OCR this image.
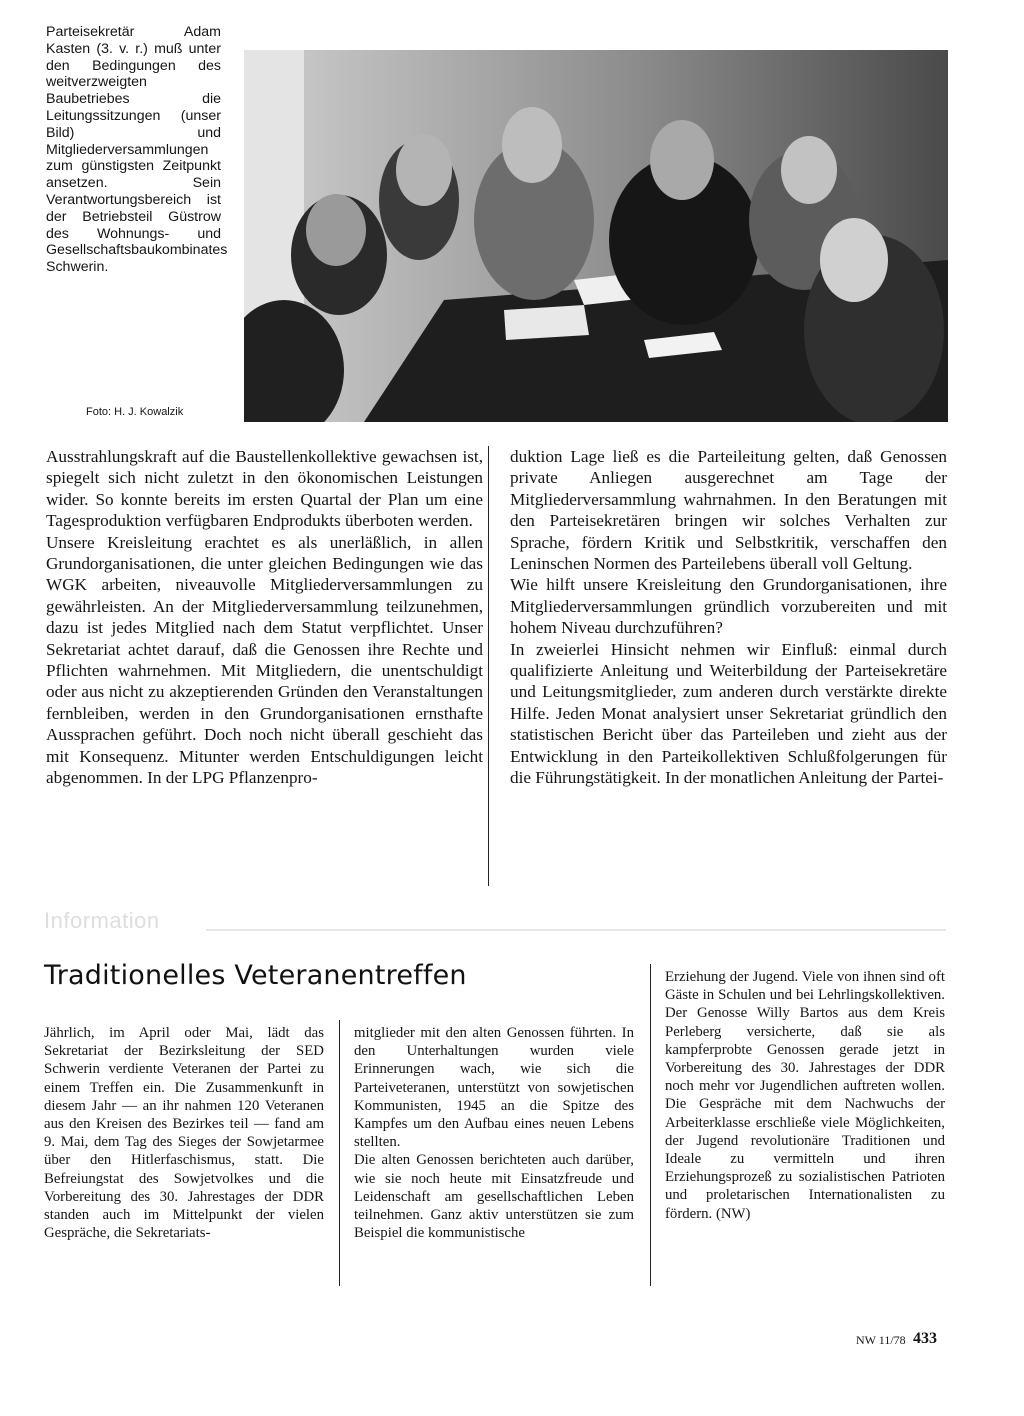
Parteisekretär Adam Kasten (3. v. r.) muß unter den Bedingungen des weitverzweigten Baubetriebes die Leitungssitzungen (unser Bild) und Mitgliederversammlungen zum günstigsten Zeitpunkt ansetzen. Sein Verantwortungsbereich ist der Betriebsteil Güstrow des Wohnungs- und Gesellschaftsbaukombinates Schwerin.
Foto: H. J. Kowalzik

Ausstrahlungskraft auf die Baustellenkollektive gewachsen ist, spiegelt sich nicht zuletzt in den ökonomischen Leistungen wider. So konnte bereits im ersten Quartal der Plan um eine Tagesproduktion verfügbaren Endprodukts überboten werden.

Unsere Kreisleitung erachtet es als unerläßlich, in allen Grundorganisationen, die unter gleichen Bedingungen wie das WGK arbeiten, niveauvolle Mitgliederversammlungen zu gewährleisten. An der Mitgliederversammlung teilzunehmen, dazu ist jedes Mitglied nach dem Statut verpflichtet. Unser Sekretariat achtet darauf, daß die Genossen ihre Rechte und Pflichten wahrnehmen. Mit Mitgliedern, die unentschuldigt oder aus nicht zu akzeptierenden Gründen den Veranstaltungen fernbleiben, werden in den Grundorganisationen ernsthafte Aussprachen geführt. Doch noch nicht überall geschieht das mit Konsequenz. Mitunter werden Entschuldigungen leicht abgenommen. In der LPG Pflanzenpro-

duktion Lage ließ es die Parteileitung gelten, daß Genossen private Anliegen ausgerechnet am Tage der Mitgliederversammlung wahrnahmen. In den Beratungen mit den Parteisekretären bringen wir solches Verhalten zur Sprache, fördern Kritik und Selbstkritik, verschaffen den Leninschen Normen des Parteilebens überall voll Geltung.

Wie hilft unsere Kreisleitung den Grundorganisationen, ihre Mitgliederversammlungen gründlich vorzubereiten und mit hohem Niveau durchzuführen?

In zweierlei Hinsicht nehmen wir Einfluß: einmal durch qualifizierte Anleitung und Weiterbildung der Parteisekretäre und Leitungsmitglieder, zum anderen durch verstärkte direkte Hilfe. Jeden Monat analysiert unser Sekretariat gründlich den statistischen Bericht über das Parteileben und zieht aus der Entwicklung in den Parteikollektiven Schlußfolgerungen für die Führungstätigkeit. In der monatlichen Anleitung der Partei-

Information
Traditionelles Veteranentreffen

Jährlich, im April oder Mai, lädt das Sekretariat der Bezirksleitung der SED Schwerin verdiente Veteranen der Partei zu einem Treffen ein. Die Zusammenkunft in diesem Jahr — an ihr nahmen 120 Veteranen aus den Kreisen des Bezirkes teil — fand am 9. Mai, dem Tag des Sieges der Sowjetarmee über den Hitlerfaschismus, statt. Die Befreiungstat des Sowjetvolkes und die Vorbereitung des 30. Jahrestages der DDR standen auch im Mittelpunkt der vielen Gespräche, die Sekretariats-

mitglieder mit den alten Genossen führten. In den Unterhaltungen wurden viele Erinnerungen wach, wie sich die Parteiveteranen, unterstützt von sowjetischen Kommunisten, 1945 an die Spitze des Kampfes um den Aufbau eines neuen Lebens stellten.

Die alten Genossen berichteten auch darüber, wie sie noch heute mit Einsatzfreude und Leidenschaft am gesellschaftlichen Leben teilnehmen. Ganz aktiv unterstützen sie zum Beispiel die kommunistische

Erziehung der Jugend. Viele von ihnen sind oft Gäste in Schulen und bei Lehrlingskollektiven. Der Genosse Willy Bartos aus dem Kreis Perleberg versicherte, daß sie als kampferprobte Genossen gerade jetzt in Vorbereitung des 30. Jahrestages der DDR noch mehr vor Jugendlichen auftreten wollen. Die Gespräche mit dem Nachwuchs der Arbeiterklasse erschließe viele Möglichkeiten, der Jugend revolutionäre Traditionen und Ideale zu vermitteln und ihren Erziehungsprozeß zu sozialistischen Patrioten und proletarischen Internationalisten zu fördern. (NW)

NW 11/78 433
